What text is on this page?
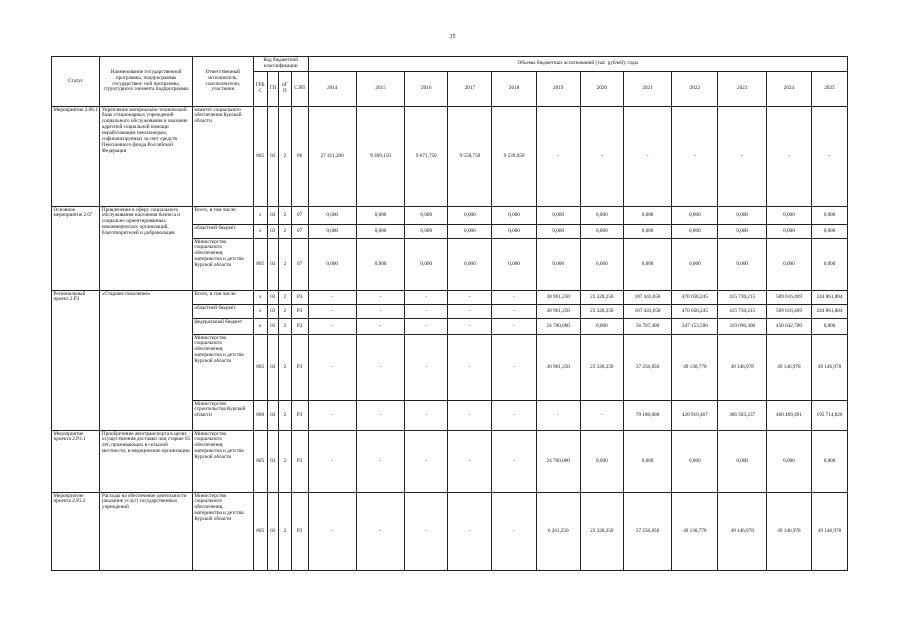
35
Статус	Наименование государственной программы, подпрограммы государствен- ной программы, структурного элемента подпрограммы	Ответственный исполнитель, соисполнители, участники	Код бюджетной классификации				Объемы бюджетных ассигнований (тыс. рублей), годы											
			ГРБС	ГП	пГП	СЭП	2014	2015	2016	2017	2018	2019	2020	2021	2022	2023	2024	2025
Мероприятие 2.06.1	Укрепление материально-технической базы стационарных учреждений социального обслуживания и оказание адресной социальной помощи неработающим пенсионерам, софинансируемых за счет средств Пенсионного фонда Российской Федерации	комитет социального обеспечения Курской области	805	03	2	06	27 411,200	9 309,150	9 671,750	9 558,750	9 539,050	-	-	-	-	-	-	-
Основное мероприятие 2.07	Привлечение в сферу социального обслуживания населения бизнеса и социально ориентированных некоммерческих организаций, благотворителей и добровольцев	Всего, в том числе:	x	03	2	07	0,000	0,000	0,000	0,000	0,000	0,000	0,000	0,000	0,000	0,000	0,000	0,000
		областной бюджет	x	03	2	07	0,000	0,000	0,000	0,000	0,000	0,000	0,000	0,000	0,000	0,000	0,000	0,000
		Министерство социального обеспечения, материнства и детства Курской области	805	03	2	07	0,000	0,000	0,000	0,000	0,000	0,000	0,000	0,000	0,000	0,000	0,000	0,000
Региональный проект 2.Р3	«Старшее поколение»	Всего, в том числе:	x	03	2	Р3	-	-	-	-	-	30 961,250	23 328,250	107 443,658	470 058,245	415 730,215	509 616,469	244 861,804
		областной бюджет	x	03	2	Р3	-	-	-	-	-	30 961,250	23 328,250	107 443,658	470 058,245	415 730,215	509 616,469	244 861,804
		федеральный бюджет	x	03	2	Р3	-	-	-	-	-	24 700,000	0,000	56 707,400	347 153,500	319 090,300	450 642,700	0,000
		Министерство социального обеспечения, материнства и детства Курской области	805	03	2	Р3	-	-	-	-	-	30 961,250	23 328,250	37 256,850	49 138,778	49 146,978	49 146,978	49 146,978
		Министерство строительства Курской области	808	03	2	Р3	-	-	-	-	-	-	-	70 186,808	420 919,467	366 583,237	460 469,491	195 714,826
Мероприятие проекта 2.Р3.1	Приобретение автотранспорта в целях осуществления доставки лиц старше 65 лет, проживающих в сельской местности, в медицинские организации	Министерство социального обеспечения, материнства и детства Курской области	805	03	2	Р3	-	-	-	-	-	24 700,000	0,000	0,000	0,000	0,000	0,000	0,000
Мероприятие проекта 2.Р3.2	Расходы на обеспечение деятельности (оказание услуг) государственных учреждений	Министерство социального обеспечения, материнства и детства Курской области	805	03	2	Р3	-	-	-	-	-	6 261,250	23 328,250	37 256,850	49 138,778	49 146,978	49 146,978	49 146,978
